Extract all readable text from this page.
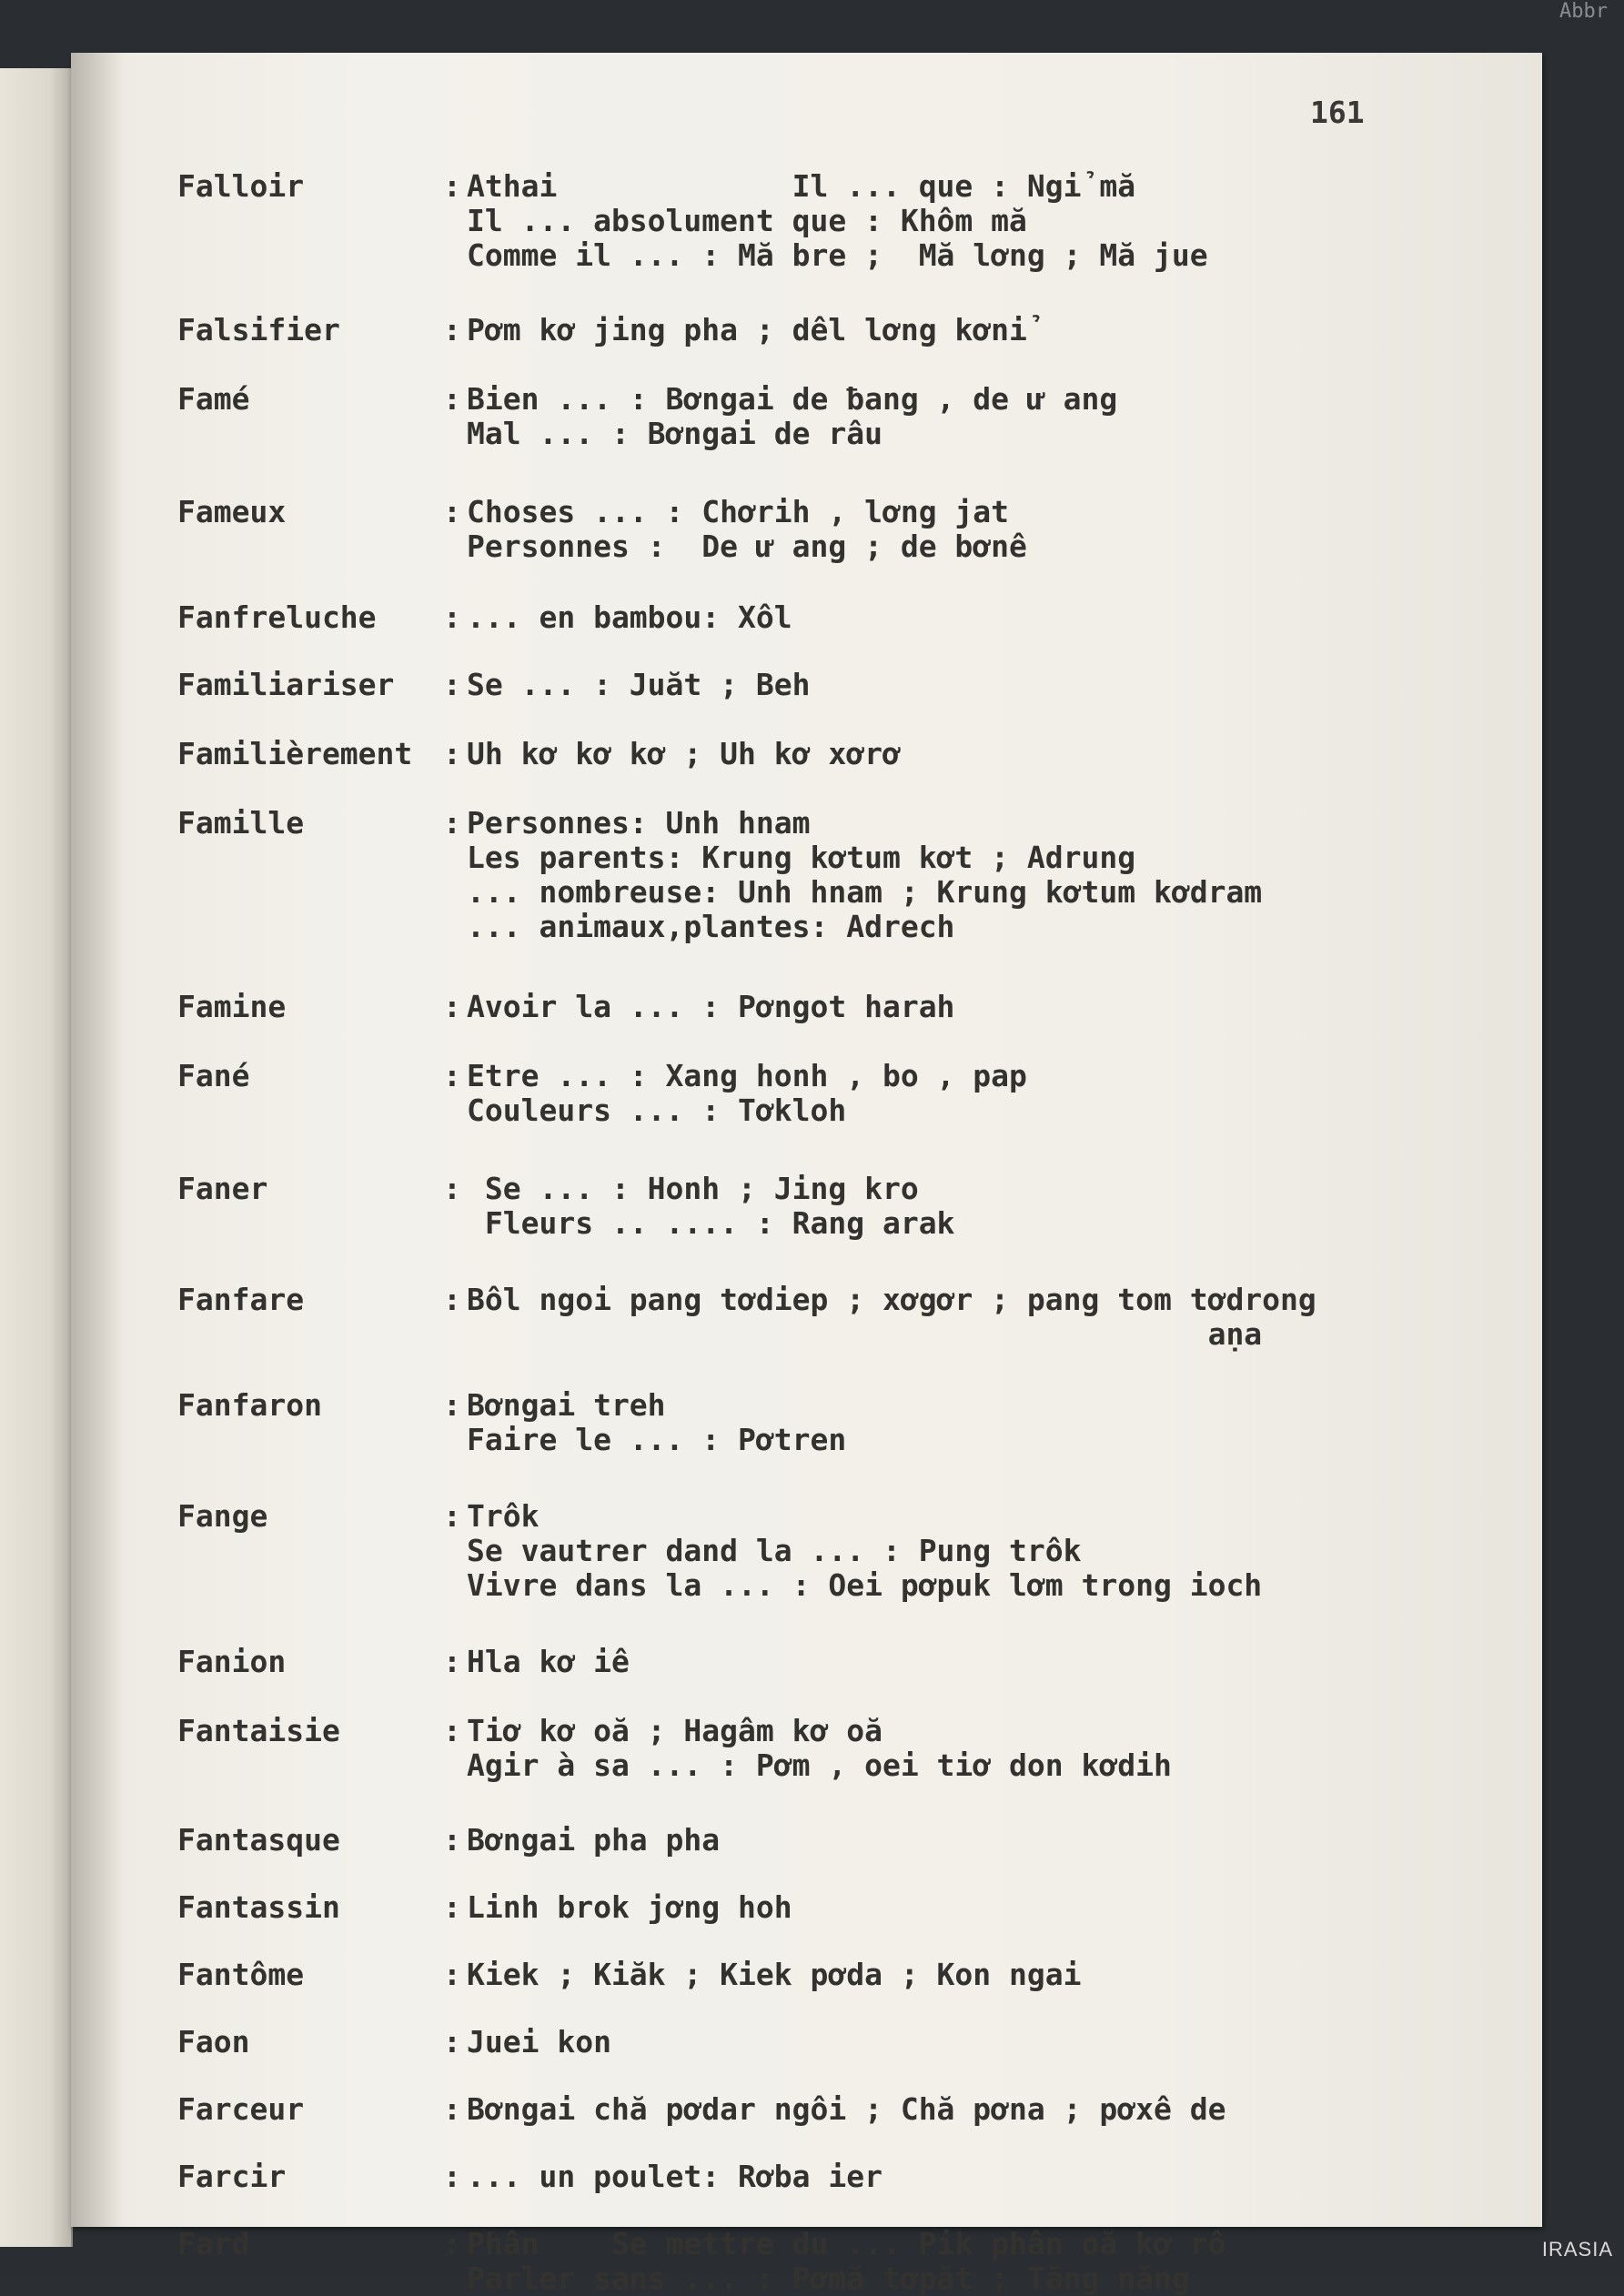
Abbr
161
Falloir	: Athai             Il ... que : Ngỉ mă
Il ... absolument que : Khôm mă
Comme il ... : Mă bre ;  Mă lơng ; Mă jue
Falsifier	: Pơm kơ jing pha ; dêl lơng kơnỉ
Famé	: Bien ... : Bơngai de ƀang , de ư ang
Mal ... : Bơngai de râu
Fameux	: Choses ... : Chơrih , lơng jat
Personnes :  De ư ang ; de bơnê
Fanfreluche	: ... en bambou: Xôl
Familiariser	: Se ... : Juăt ; Beh
Familièrement	: Uh kơ kơ kơ ; Uh kơ xơrơ
Famille	: Personnes: Unh hnam
Les parents: Krung kơtum kơt ; Adrung
... nombreuse: Unh hnam ; Krung kơtum kơdram
... animaux,plantes: Adrech
Famine	: Avoir la ... : Pơngot harah
Fané	: Etre ... : Xang honh , bo , pap
Couleurs ... : Tơkloh
Faner	: Se ... : Honh ; Jing kro
Fleurs .. .... : Rang arak
Fanfare	: Bôl ngoi pang tơdiep ; xơgơr ; pang tom tơdrong
aṇa
Fanfaron	: Bơngai treh
Faire le ... : Pơtren
Fange	: Trôk
Se vautrer dand la ... : Pung trôk
Vivre dans la ... : Oei pơpuk lơm trong ioch
Fanion	: Hla kơ iê
Fantaisie	: Tiơ kơ oă ; Hagâm kơ oă
Agir à sa ... : Pơm , oei tiơ don kơdih
Fantasque	: Bơngai pha pha
Fantassin	: Linh brok jơng hoh
Fantôme	: Kiek ; Kiăk ; Kiek pơda ; Kon ngai
Faon	: Juei kon
Farceur	: Bơngai chă pơdar ngôi ; Chă pơna ; pơxê de
Farcir	: ... un poulet: Rơba ier
Fard	: Phân    Se mettre du ... Pik phân oă kơ rô
Parler sans ... : Pơmă tơpăt ; Tăng năng
IRASIA
